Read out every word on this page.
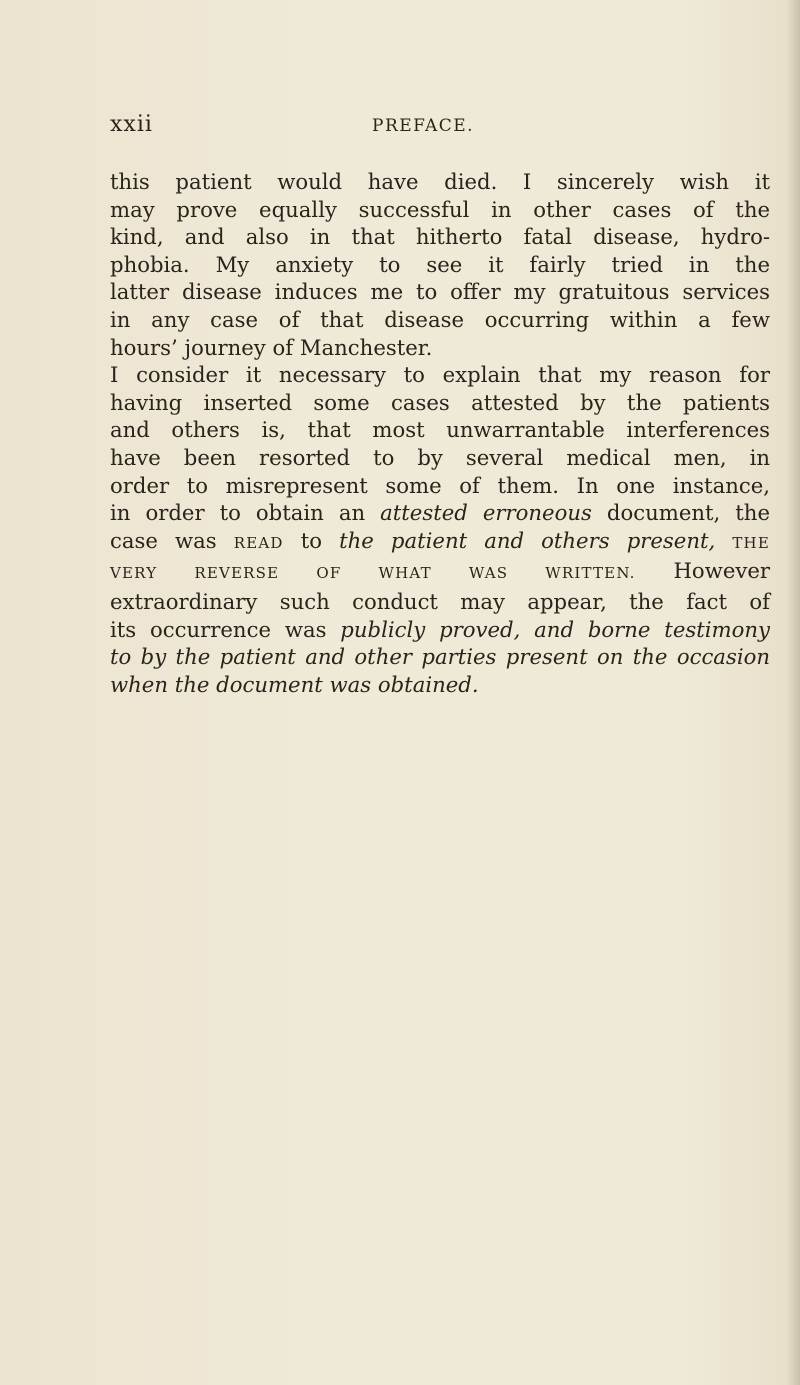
xxii	PREFACE.
this patient would have died. I sincerely wish it
may prove equally successful in other cases of the
kind, and also in that hitherto fatal disease, hydro-
phobia. My anxiety to see it fairly tried in the
latter disease induces me to offer my gratuitous services
in any case of that disease occurring within a few
hours’ journey of Manchester.
I consider it necessary to explain that my reason for
having inserted some cases attested by the patients
and others is, that most unwarrantable interferences
have been resorted to by several medical men, in
order to misrepresent some of them. In one instance,
in order to obtain an attested erroneous document, the
case was READ to the patient and others present, THE
VERY REVERSE OF WHAT WAS WRITTEN. However
extraordinary such conduct may appear, the fact of
its occurrence was publicly proved, and borne testimony
to by the patient and other parties present on the occasion
when the document was obtained.
